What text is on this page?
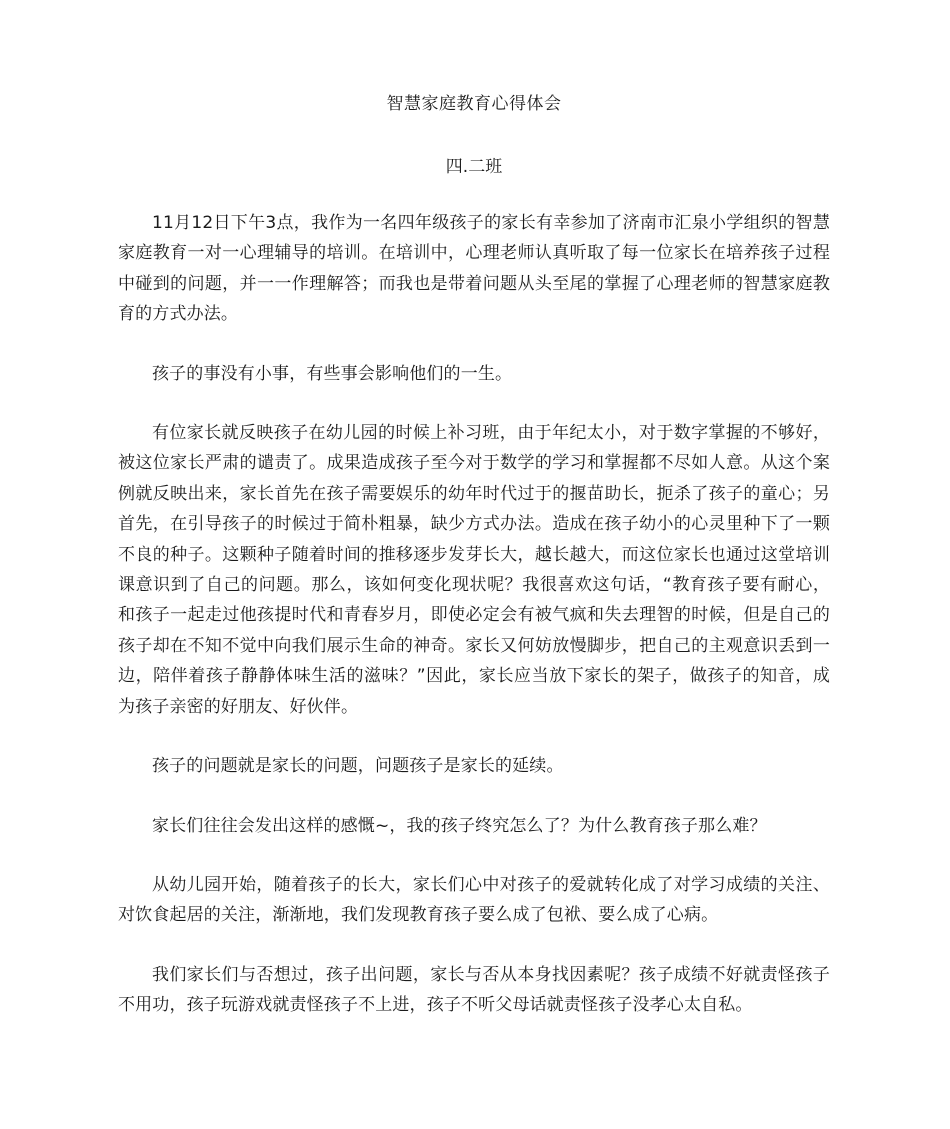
智慧家庭教育心得体会
四.二班

11月12日下午3点，我作为一名四年级孩子的家长有幸参加了济南市汇泉小学组织的智慧家庭教育一对一心理辅导的培训。在培训中，心理老师认真听取了每一位家长在培养孩子过程中碰到的问题，并一一作理解答；而我也是带着问题从头至尾的掌握了心理老师的智慧家庭教育的方式办法。

孩子的事没有小事，有些事会影响他们的一生。

有位家长就反映孩子在幼儿园的时候上补习班，由于年纪太小，对于数字掌握的不够好，被这位家长严肃的谴责了。成果造成孩子至今对于数学的学习和掌握都不尽如人意。从这个案例就反映出来，家长首先在孩子需要娱乐的幼年时代过于的揠苗助长，扼杀了孩子的童心；另首先，在引导孩子的时候过于简朴粗暴，缺少方式办法。造成在孩子幼小的心灵里种下了一颗不良的种子。这颗种子随着时间的推移逐步发芽长大，越长越大，而这位家长也通过这堂培训课意识到了自己的问题。那么，该如何变化现状呢？我很喜欢这句话，“教育孩子要有耐心，和孩子一起走过他孩提时代和青春岁月，即使必定会有被气疯和失去理智的时候，但是自己的孩子却在不知不觉中向我们展示生命的神奇。家长又何妨放慢脚步，把自己的主观意识丢到一边，陪伴着孩子静静体味生活的滋味？”因此，家长应当放下家长的架子，做孩子的知音，成为孩子亲密的好朋友、好伙伴。

孩子的问题就是家长的问题，问题孩子是家长的延续。

家长们往往会发出这样的感慨~，我的孩子终究怎么了？为什么教育孩子那么难？

从幼儿园开始，随着孩子的长大，家长们心中对孩子的爱就转化成了对学习成绩的关注、对饮食起居的关注，渐渐地，我们发现教育孩子要么成了包袱、要么成了心病。

我们家长们与否想过，孩子出问题，家长与否从本身找因素呢？孩子成绩不好就责怪孩子不用功，孩子玩游戏就责怪孩子不上进，孩子不听父母话就责怪孩子没孝心太自私。
